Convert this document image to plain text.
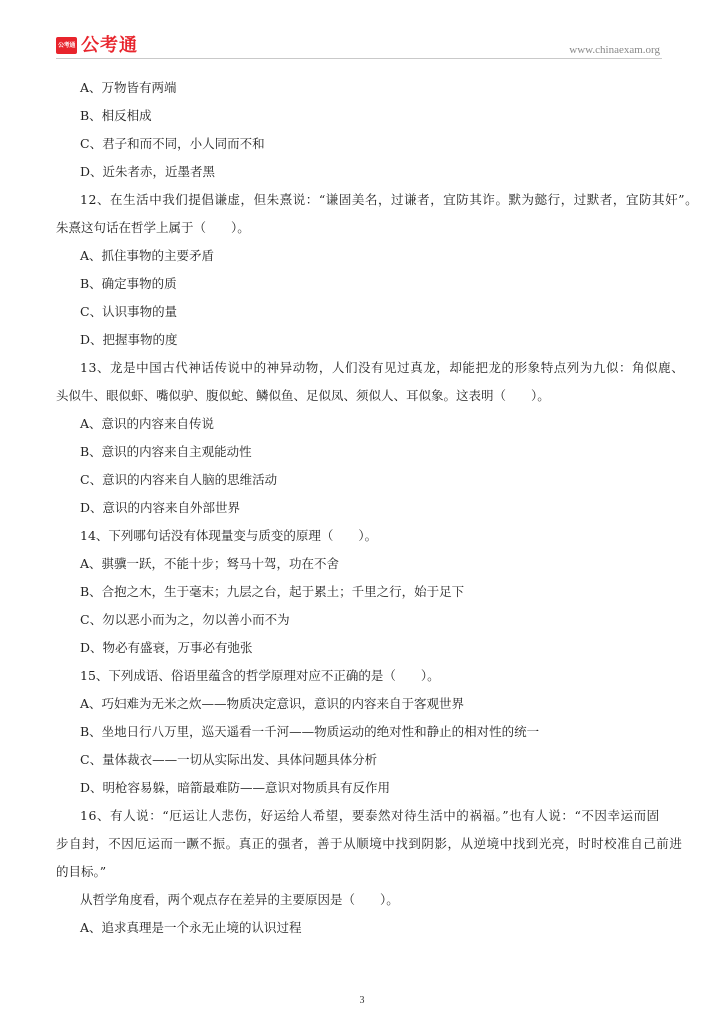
公考通 公考通	www.chinaexam.org
A、万物皆有两端
B、相反相成
C、君子和而不同，小人同而不和
D、近朱者赤，近墨者黑
12、在生活中我们提倡谦虚，但朱熹说：“谦固美名，过谦者，宜防其诈。默为懿行，过默者，宜防其奸”。
朱熹这句话在哲学上属于（　　）。
A、抓住事物的主要矛盾
B、确定事物的质
C、认识事物的量
D、把握事物的度
13、龙是中国古代神话传说中的神异动物，人们没有见过真龙，却能把龙的形象特点列为九似：角似鹿、
头似牛、眼似虾、嘴似驴、腹似蛇、鳞似鱼、足似凤、须似人、耳似象。这表明（　　）。
A、意识的内容来自传说
B、意识的内容来自主观能动性
C、意识的内容来自人脑的思维活动
D、意识的内容来自外部世界
14、下列哪句话没有体现量变与质变的原理（　　）。
A、骐骥一跃，不能十步；驽马十驾，功在不舍
B、合抱之木，生于毫末；九层之台，起于累土；千里之行，始于足下
C、勿以恶小而为之，勿以善小而不为
D、物必有盛衰，万事必有弛张
15、下列成语、俗语里蕴含的哲学原理对应不正确的是（　　）。
A、巧妇难为无米之炊——物质决定意识，意识的内容来自于客观世界
B、坐地日行八万里，巡天遥看一千河——物质运动的绝对性和静止的相对性的统一
C、量体裁衣——一切从实际出发、具体问题具体分析
D、明枪容易躲，暗箭最难防——意识对物质具有反作用
16、有人说：“厄运让人悲伤，好运给人希望，要泰然对待生活中的祸福。”也有人说：“不因幸运而固
步自封，不因厄运而一蹶不振。真正的强者，善于从顺境中找到阴影，从逆境中找到光亮，时时校准自己前进
的目标。”
从哲学角度看，两个观点存在差异的主要原因是（　　）。
A、追求真理是一个永无止境的认识过程
3
